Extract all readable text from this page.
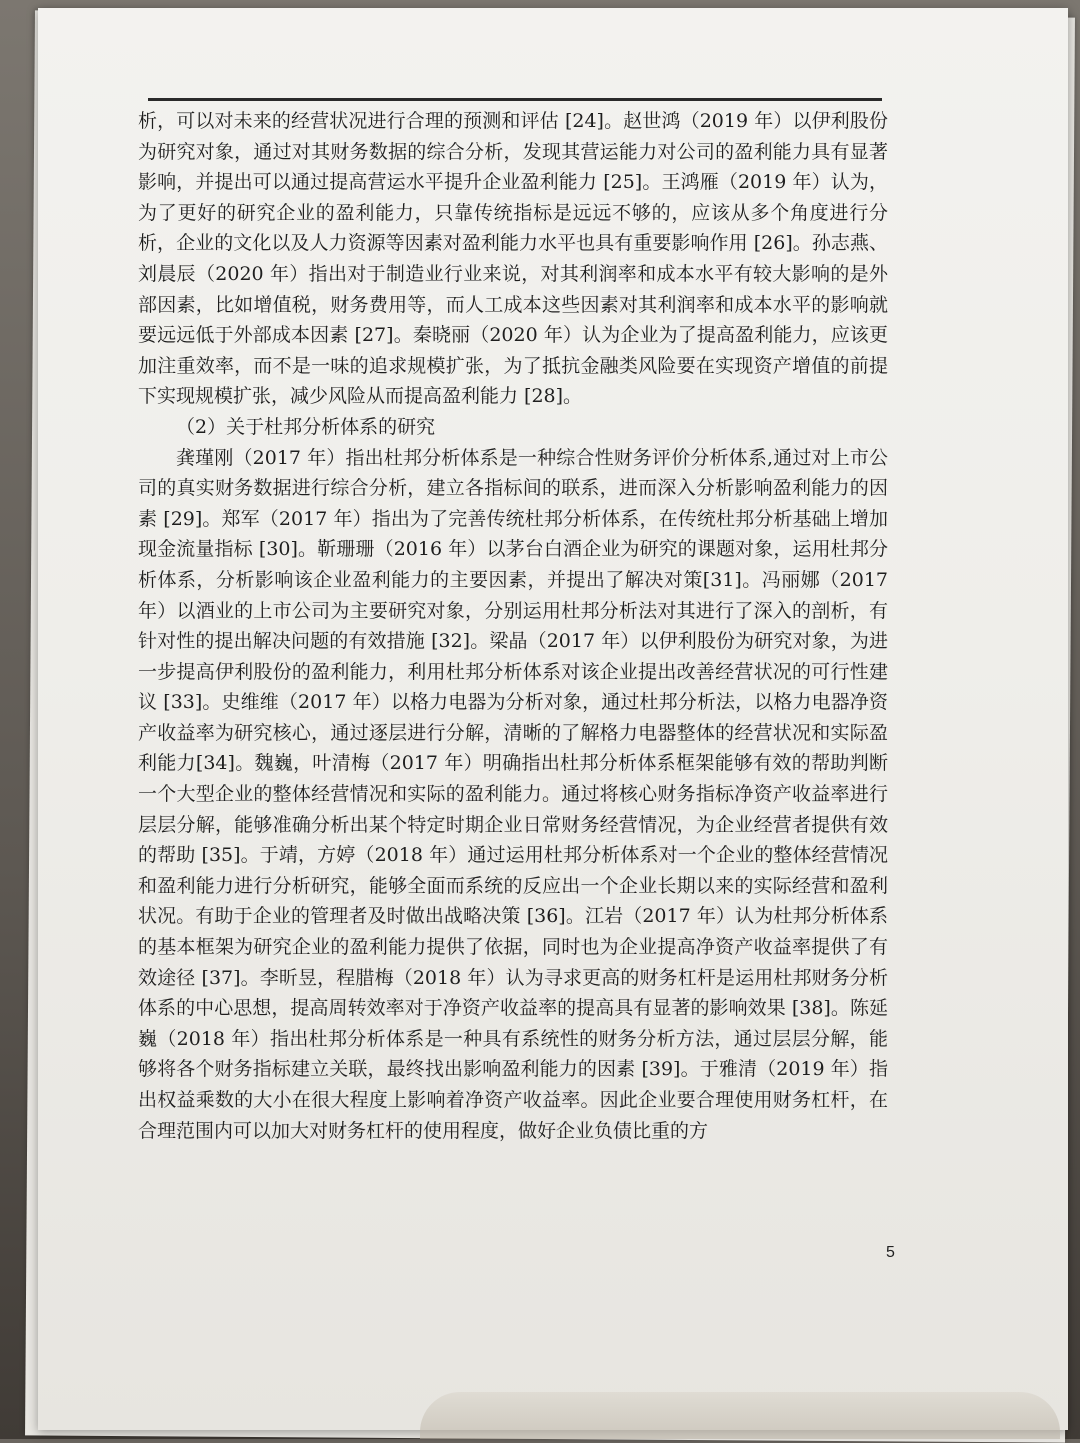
析，可以对未来的经营状况进行合理的预测和评估 [24]。赵世鸿（2019 年）以伊利股份为研究对象，通过对其财务数据的综合分析，发现其营运能力对公司的盈利能力具有显著影响，并提出可以通过提高营运水平提升企业盈利能力 [25]。王鸿雁（2019 年）认为，为了更好的研究企业的盈利能力，只靠传统指标是远远不够的，应该从多个角度进行分析，企业的文化以及人力资源等因素对盈利能力水平也具有重要影响作用 [26]。孙志燕、刘晨辰（2020 年）指出对于制造业行业来说，对其利润率和成本水平有较大影响的是外部因素，比如增值税，财务费用等，而人工成本这些因素对其利润率和成本水平的影响就要远远低于外部成本因素 [27]。秦晓丽（2020 年）认为企业为了提高盈利能力，应该更加注重效率，而不是一味的追求规模扩张，为了抵抗金融类风险要在实现资产增值的前提下实现规模扩张，减少风险从而提高盈利能力 [28]。

（2）关于杜邦分析体系的研究

龚瑾刚（2017 年）指出杜邦分析体系是一种综合性财务评价分析体系,通过对上市公司的真实财务数据进行综合分析，建立各指标间的联系，进而深入分析影响盈利能力的因素 [29]。郑军（2017 年）指出为了完善传统杜邦分析体系，在传统杜邦分析基础上增加现金流量指标 [30]。靳珊珊（2016 年）以茅台白酒企业为研究的课题对象，运用杜邦分析体系，分析影响该企业盈利能力的主要因素，并提出了解决对策[31]。冯丽娜（2017 年）以酒业的上市公司为主要研究对象，分别运用杜邦分析法对其进行了深入的剖析，有针对性的提出解决问题的有效措施 [32]。梁晶（2017 年）以伊利股份为研究对象，为进一步提高伊利股份的盈利能力，利用杜邦分析体系对该企业提出改善经营状况的可行性建议 [33]。史维维（2017 年）以格力电器为分析对象，通过杜邦分析法，以格力电器净资产收益率为研究核心，通过逐层进行分解，清晰的了解格力电器整体的经营状况和实际盈利能力[34]。魏巍，叶清梅（2017 年）明确指出杜邦分析体系框架能够有效的帮助判断一个大型企业的整体经营情况和实际的盈利能力。通过将核心财务指标净资产收益率进行层层分解，能够准确分析出某个特定时期企业日常财务经营情况，为企业经营者提供有效的帮助 [35]。于靖，方婷（2018 年）通过运用杜邦分析体系对一个企业的整体经营情况和盈利能力进行分析研究，能够全面而系统的反应出一个企业长期以来的实际经营和盈利状况。有助于企业的管理者及时做出战略决策 [36]。江岩（2017 年）认为杜邦分析体系的基本框架为研究企业的盈利能力提供了依据，同时也为企业提高净资产收益率提供了有效途径 [37]。李昕昱，程腊梅（2018 年）认为寻求更高的财务杠杆是运用杜邦财务分析体系的中心思想，提高周转效率对于净资产收益率的提高具有显著的影响效果 [38]。陈延巍（2018 年）指出杜邦分析体系是一种具有系统性的财务分析方法，通过层层分解，能够将各个财务指标建立关联，最终找出影响盈利能力的因素 [39]。于雅清（2019 年）指出权益乘数的大小在很大程度上影响着净资产收益率。因此企业要合理使用财务杠杆，在合理范围内可以加大对财务杠杆的使用程度，做好企业负债比重的方

5
